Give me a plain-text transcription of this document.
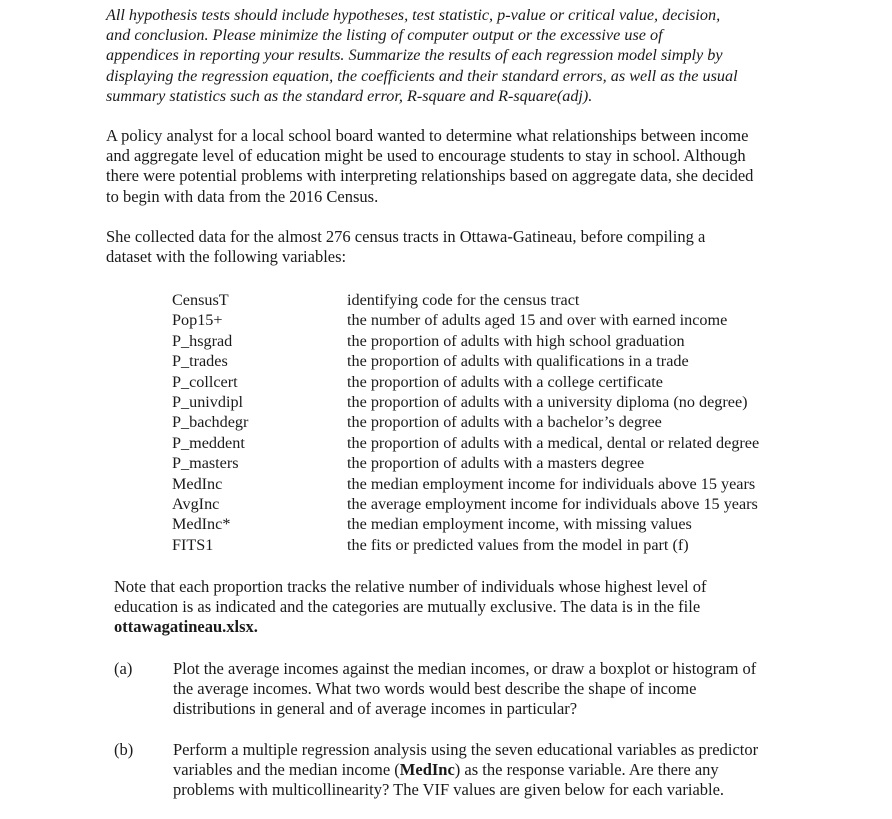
All hypothesis tests should include hypotheses, test statistic, p-value or critical value, decision,
and conclusion. Please minimize the listing of computer output or the excessive use of
appendices in reporting your results. Summarize the results of each regression model simply by
displaying the regression equation, the coefficients and their standard errors, as well as the usual
summary statistics such as the standard error, R-square and R-square(adj).
A policy analyst for a local school board wanted to determine what relationships between income
and aggregate level of education might be used to encourage students to stay in school. Although
there were potential problems with interpreting relationships based on aggregate data, she decided
to begin with data from the 2016 Census.
She collected data for the almost 276 census tracts in Ottawa-Gatineau, before compiling a
dataset with the following variables:
CensusT	identifying code for the census tract
Pop15+	the number of adults aged 15 and over with earned income
P_hsgrad	the proportion of adults with high school graduation
P_trades	the proportion of adults with qualifications in a trade
P_collcert	the proportion of adults with a college certificate
P_univdipl	the proportion of adults with a university diploma (no degree)
P_bachdegr	the proportion of adults with a bachelor’s degree
P_meddent	the proportion of adults with a medical, dental or related degree
P_masters	the proportion of adults with a masters degree
MedInc	the median employment income for individuals above 15 years
AvgInc	the average employment income for individuals above 15 years
MedInc*	the median employment income, with missing values
FITS1	the fits or predicted values from the model in part (f)
Note that each proportion tracks the relative number of individuals whose highest level of
education is as indicated and the categories are mutually exclusive. The data is in the file
ottawagatineau.xlsx.
(a)	Plot the average incomes against the median incomes, or draw a boxplot or histogram of
the average incomes. What two words would best describe the shape of income
distributions in general and of average incomes in particular?
(b)	Perform a multiple regression analysis using the seven educational variables as predictor
variables and the median income (MedInc) as the response variable. Are there any
problems with multicollinearity? The VIF values are given below for each variable.
